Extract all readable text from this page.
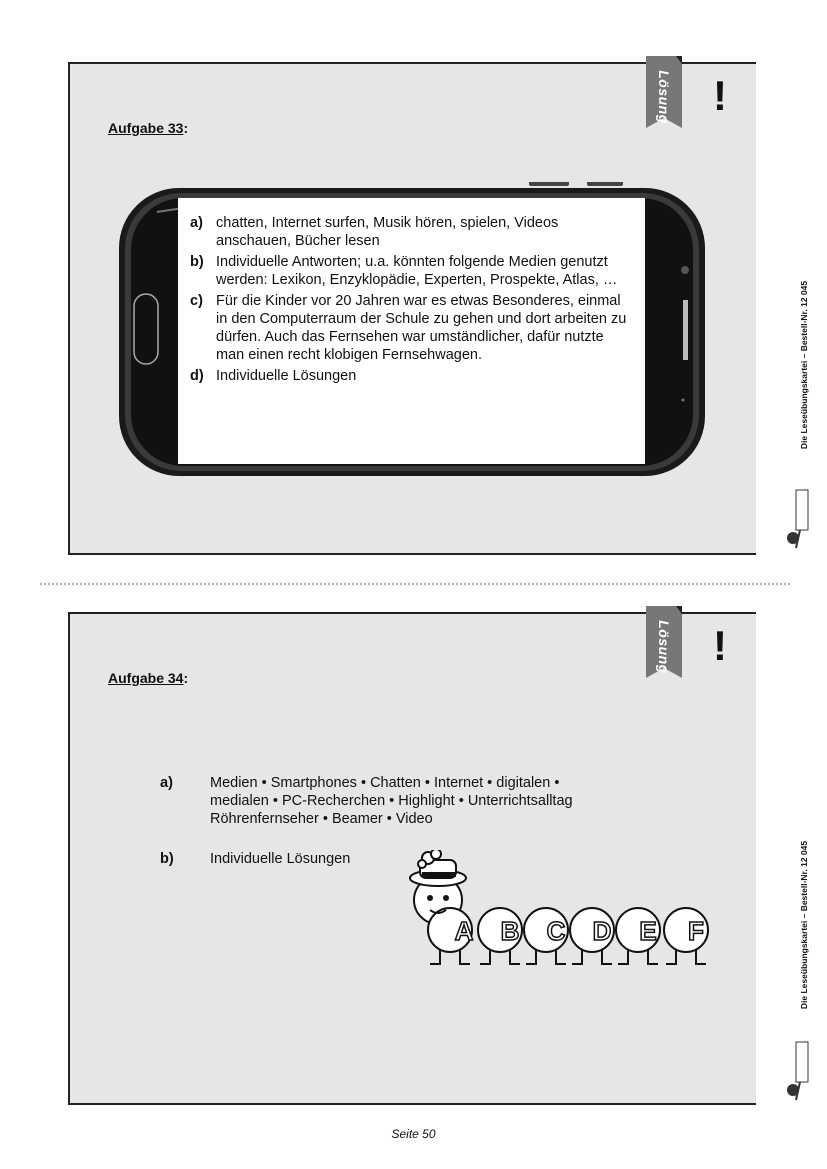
Lösung !
Aufgabe 33:
a) chatten, Internet surfen, Musik hören, spielen, Videos anschauen, Bücher lesen
b) Individuelle Antworten; u.a. könnten folgende Medien genutzt werden: Lexikon, Enzyklopädie, Experten, Prospekte, Atlas, …
c) Für die Kinder vor 20 Jahren war es etwas Besonderes, einmal in den Computerraum der Schule zu gehen und dort arbeiten zu dürfen. Auch das Fernsehen war umständlicher, dafür nutzte man einen recht klobigen Fernsehwagen.
d) Individuelle Lösungen
Lösung !
Aufgabe 34:
a)	Medien • Smartphones • Chatten • Internet • digitalen • medialen • PC-Recherchen • Highlight • Unterrichtsalltag Röhrenfernseher • Beamer • Video
b)	Individuelle Lösungen
A B C D E F
Die Leseübungskartei – Bestell-Nr. 12 045
Die Leseübungskartei – Bestell-Nr. 12 045
Seite 50
